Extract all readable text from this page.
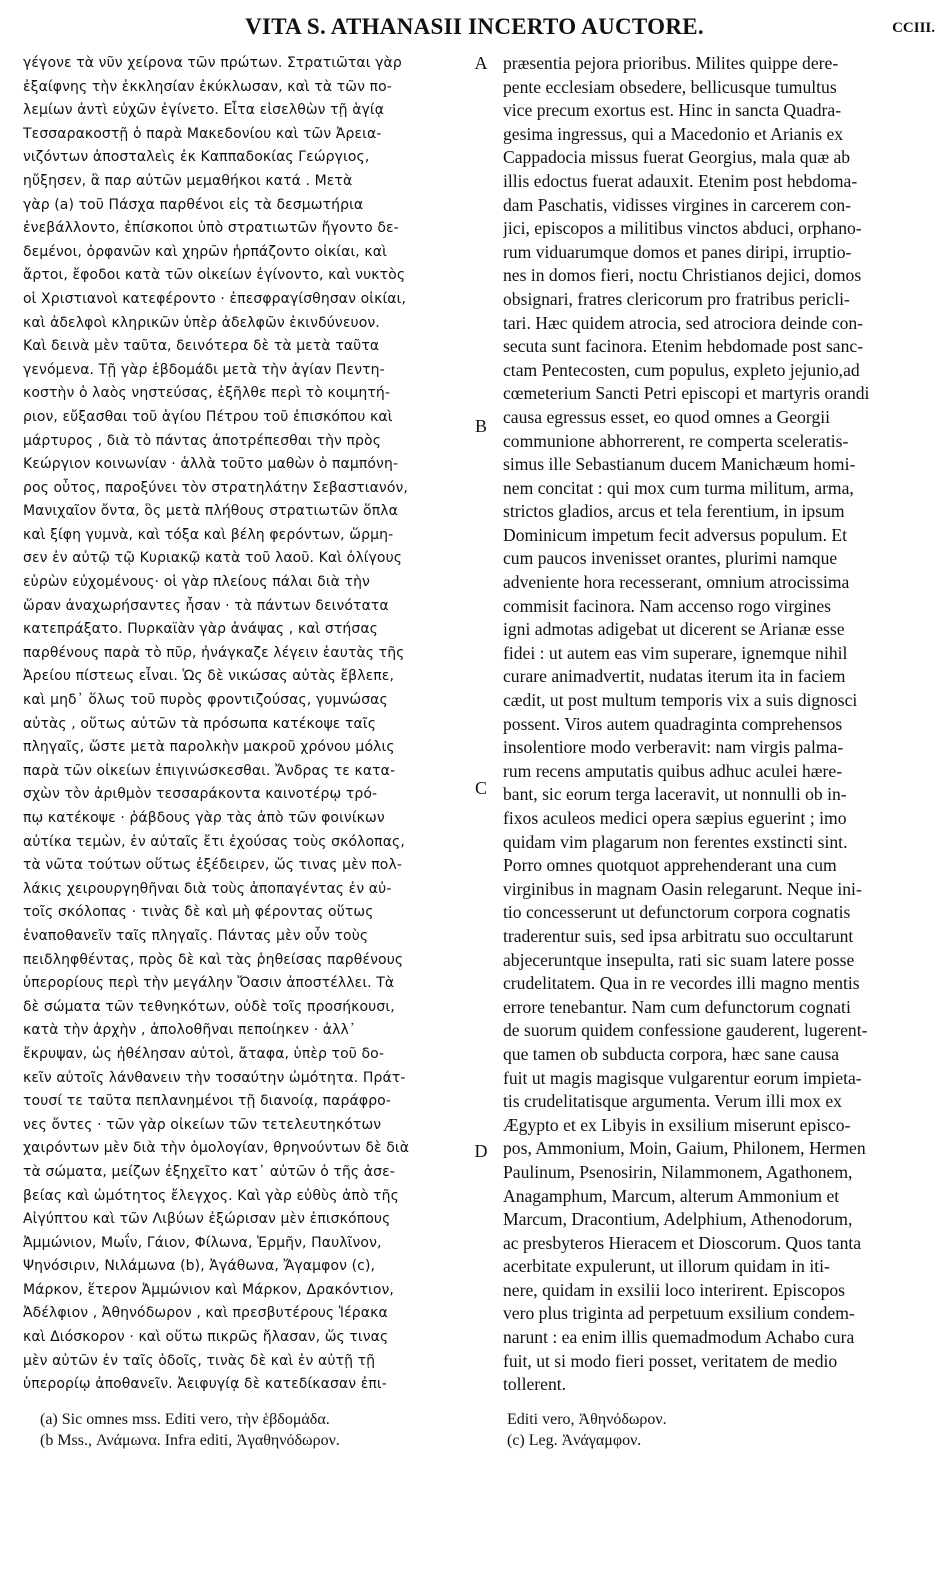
VITA S. ATHANASII INCERTO AUCTORE.	CCIII.
γέγονε τὰ νῦν χείρονα τῶν πρώτων. Στρατιῶται γὰρ
ἐξαίφνης τὴν ἐκκλησίαν ἐκύκλωσαν, καὶ τὰ τῶν πο-
λεμίων ἀντὶ εὐχῶν ἐγίνετο. Εἶτα εἰσελθὼν τῇ ἁγίᾳ
Τεσσαρακοστῇ ὁ παρὰ Μακεδονίου καὶ τῶν Ἀρεια-
νιζόντων ἀποσταλεὶς ἐκ Καππαδοκίας Γεώργιος,
ηὔξησεν, ἃ παρ αὐτῶν μεμαθήκοι κατά . Μετὰ
γὰρ (a) τοῦ Πάσχα παρθένοι εἰς τὰ δεσμωτήρια
ἐνεβάλλοντο, ἐπίσκοποι ὑπὸ στρατιωτῶν ἤγοντο δε-
δεμένοι, ὀρφανῶν καὶ χηρῶν ἡρπάζοντο οἰκίαι, καὶ
ἄρτοι, ἔφοδοι κατὰ τῶν οἰκείων ἐγίνοντο, καὶ νυκτὸς
οἱ Χριστιανοὶ κατεφέροντο · ἐπεσφραγίσθησαν οἰκίαι,
καὶ ἀδελφοὶ κληρικῶν ὑπὲρ ἀδελφῶν ἐκινδύνευον.
Καὶ δεινὰ μὲν ταῦτα, δεινότερα δὲ τὰ μετὰ ταῦτα
γενόμενα. Τῇ γὰρ ἑβδομάδι μετὰ τὴν ἁγίαν Πεντη-
κοστὴν ὁ λαὸς νηστεύσας, ἐξῆλθε περὶ τὸ κοιμητή-
ριον, εὔξασθαι τοῦ ἁγίου Πέτρου τοῦ ἐπισκόπου καὶ
μάρτυρος , διὰ τὸ πάντας ἀποτρέπεσθαι τὴν πρὸς
Κεώργιον κοινωνίαν · ἀλλὰ τοῦτο μαθὼν ὁ παμπόνη-
ρος οὗτος, παροξύνει τὸν στρατηλάτην Σεβαστιανόν,
Μανιχαῖον ὄντα, ὃς μετὰ πλήθους στρατιωτῶν ὅπλα
καὶ ξίφη γυμνὰ, καὶ τόξα καὶ βέλη φερόντων, ὥρμη-
σεν ἐν αὐτῷ τῷ Κυριακῷ κατὰ τοῦ λαοῦ. Καὶ ὀλίγους
εὑρὼν εὐχομένους· οἱ γὰρ πλείους πάλαι διὰ τὴν
ὥραν ἀναχωρήσαντες ἦσαν · τὰ πάντων δεινότατα
κατεπράξατο. Πυρκαϊὰν γὰρ ἀνάψας , καὶ στήσας
παρθένους παρὰ τὸ πῦρ, ἠνάγκαζε λέγειν ἑαυτὰς τῆς
Ἀρείου πίστεως εἶναι. Ὡς δὲ νικώσας αὐτὰς ἔβλεπε,
καὶ μηδ᾽ ὅλως τοῦ πυρὸς φροντιζούσας, γυμνώσας
αὐτὰς , οὕτως αὐτῶν τὰ πρόσωπα κατέκοψε ταῖς
πληγαῖς, ὥστε μετὰ παρολκὴν μακροῦ χρόνου μόλις
παρὰ τῶν οἰκείων ἐπιγινώσκεσθαι. Ἄνδρας τε κατα-
σχὼν τὸν ἀριθμὸν τεσσαράκοντα καινοτέρῳ τρό-
πῳ κατέκοψε · ῥάβδους γὰρ τὰς ἀπὸ τῶν φοινίκων
αὐτίκα τεμὼν, ἐν αὐταῖς ἔτι ἐχούσας τοὺς σκόλοπας,
τὰ νῶτα τούτων οὕτως ἐξέδειρεν, ὥς τινας μὲν πολ-
λάκις χειρουργηθῆναι διὰ τοὺς ἀποπαγέντας ἐν αὐ-
τοῖς σκόλοπας · τινὰς δὲ καὶ μὴ φέροντας οὕτως
ἐναποθανεῖν ταῖς πληγαῖς. Πάντας μὲν οὖν τοὺς
πειδληφθέντας, πρὸς δὲ καὶ τὰς ῥηθείσας παρθένους
ὑπερορίους περὶ τὴν μεγάλην Ὄασιν ἀποστέλλει. Τὰ
δὲ σώματα τῶν τεθνηκότων, οὐδὲ τοῖς προσήκουσι,
κατὰ τὴν ἀρχὴν , ἀπολοθῆναι πεποίηκεν · ἀλλ᾽
ἔκρυψαν, ὡς ἠθέλησαν αὐτοὶ, ἄταφα, ὑπὲρ τοῦ δο-
κεῖν αὐτοῖς λάνθανειν τὴν τοσαύτην ὠμότητα. Πράτ-
τουσί τε ταῦτα πεπλανημένοι τῇ διανοίᾳ, παράφρο-
νες ὄντες · τῶν γὰρ οἰκείων τῶν τετελευτηκότων
χαιρόντων μὲν διὰ τὴν ὁμολογίαν, θρηνούντων δὲ διὰ
τὰ σώματα, μείζων ἐξηχεῖτο κατ᾽ αὐτῶν ὁ τῆς ἀσε-
βείας καὶ ὠμότητος ἔλεγχος. Καὶ γὰρ εὐθὺς ἀπὸ τῆς
Αἰγύπτου καὶ τῶν Λιβύων ἐξώρισαν μὲν ἐπισκόπους
Ἀμμώνιον, Μωΐν, Γάιον, Φίλωνα, Ἑρμῆν, Παυλῖνον,
Ψηνόσιριν, Νιλάμωνα (b), Ἀγάθωνα, Ἄγαμφον (c),
Μάρκον, ἕτερον Ἀμμώνιον καὶ Μάρκον, Δρακόντιον,
Ἀδέλφιον , Ἀθηνόδωρον , καὶ πρεσβυτέρους Ἱέρακα
καὶ Διόσκορον · καὶ οὕτω πικρῶς ἤλασαν, ὥς τινας
μὲν αὐτῶν ἐν ταῖς ὁδοῖς, τινὰς δὲ καὶ ἐν αὐτῇ τῇ
ὑπερορίῳ ἀποθανεῖν. Ἀειφυγίᾳ δὲ κατεδίκασαν ἐπι-
præsentia pejora prioribus. Milites quippe dere-
pente ecclesiam obsedere, bellicusque tumultus
vice precum exortus est. Hinc in sancta Quadra-
gesima ingressus, qui a Macedonio et Arianis ex
Cappadocia missus fuerat Georgius, mala quæ ab
illis edoctus fuerat adauxit. Etenim post hebdoma-
dam Paschatis, vidisses virgines in carcerem con-
jici, episcopos a militibus vinctos abduci, orphano-
rum viduarumque domos et panes diripi, irruptio-
nes in domos fieri, noctu Christianos dejici, domos
obsignari, fratres clericorum pro fratribus pericli-
tari. Hæc quidem atrocia, sed atrociora deinde con-
secuta sunt facinora. Etenim hebdomade post sanc-
ctam Pentecosten, cum populus, expleto jejunio,ad
cœmeterium Sancti Petri episcopi et martyris orandi
causa egressus esset, eo quod omnes a Georgii
communione abhorrerent, re comperta sceleratis-
simus ille Sebastianum ducem Manichæum homi-
nem concitat : qui mox cum turma militum, arma,
strictos gladios, arcus et tela ferentium, in ipsum
Dominicum impetum fecit adversus populum. Et
cum paucos invenisset orantes, plurimi namque
adveniente hora recesserant, omnium atrocissima
commisit facinora. Nam accenso rogo virgines
igni admotas adigebat ut dicerent se Arianæ esse
fidei : ut autem eas vim superare, ignemque nihil
curare animadvertit, nudatas iterum ita in faciem
cædit, ut post multum temporis vix a suis dignosci
possent. Viros autem quadraginta comprehensos
insolentiore modo verberavit: nam virgis palma-
rum recens amputatis quibus adhuc aculei hære-
bant, sic eorum terga laceravit, ut nonnulli ob in-
fixos aculeos medici opera sæpius eguerint ; imo
quidam vim plagarum non ferentes exstincti sint.
Porro omnes quotquot apprehenderant una cum
virginibus in magnam Oasin relegarunt. Neque ini-
tio concesserunt ut defunctorum corpora cognatis
traderentur suis, sed ipsa arbitratu suo occultarunt
abjeceruntque insepulta, rati sic suam latere posse
crudelitatem. Qua in re vecordes illi magno mentis
errore tenebantur. Nam cum defunctorum cognati
de suorum quidem confessione gauderent, lugerent-
que tamen ob subducta corpora, hæc sane causa
fuit ut magis magisque vulgarentur eorum impieta-
tis crudelitatisque argumenta. Verum illi mox ex
Ægypto et ex Libyis in exsilium miserunt episco-
pos, Ammonium, Moin, Gaium, Philonem, Hermen
Paulinum, Psenosirin, Nilammonem, Agathonem,
Anagamphum, Marcum, alterum Ammonium et
Marcum, Dracontium, Adelphium, Athenodorum,
ac presbyteros Hieracem et Dioscorum. Quos tanta
acerbitate expulerunt, ut illorum quidam in iti-
nere, quidam in exsilii loco interirent. Episcopos
vero plus triginta ad perpetuum exsilium condem-
narunt : ea enim illis quemadmodum Achabo cura
fuit, ut si modo fieri posset, veritatem de medio
tollerent.
A
B
C
D
(a) Sic omnes mss. Editi vero, τὴν ἑβδομάδα.
(b Mss., Ανάμωνα. Infra editi, Ἀγαθηνόδωρον.
Editi vero, Ἀθηνόδωρον.
(c) Leg. Ἀνάγαμφον.
